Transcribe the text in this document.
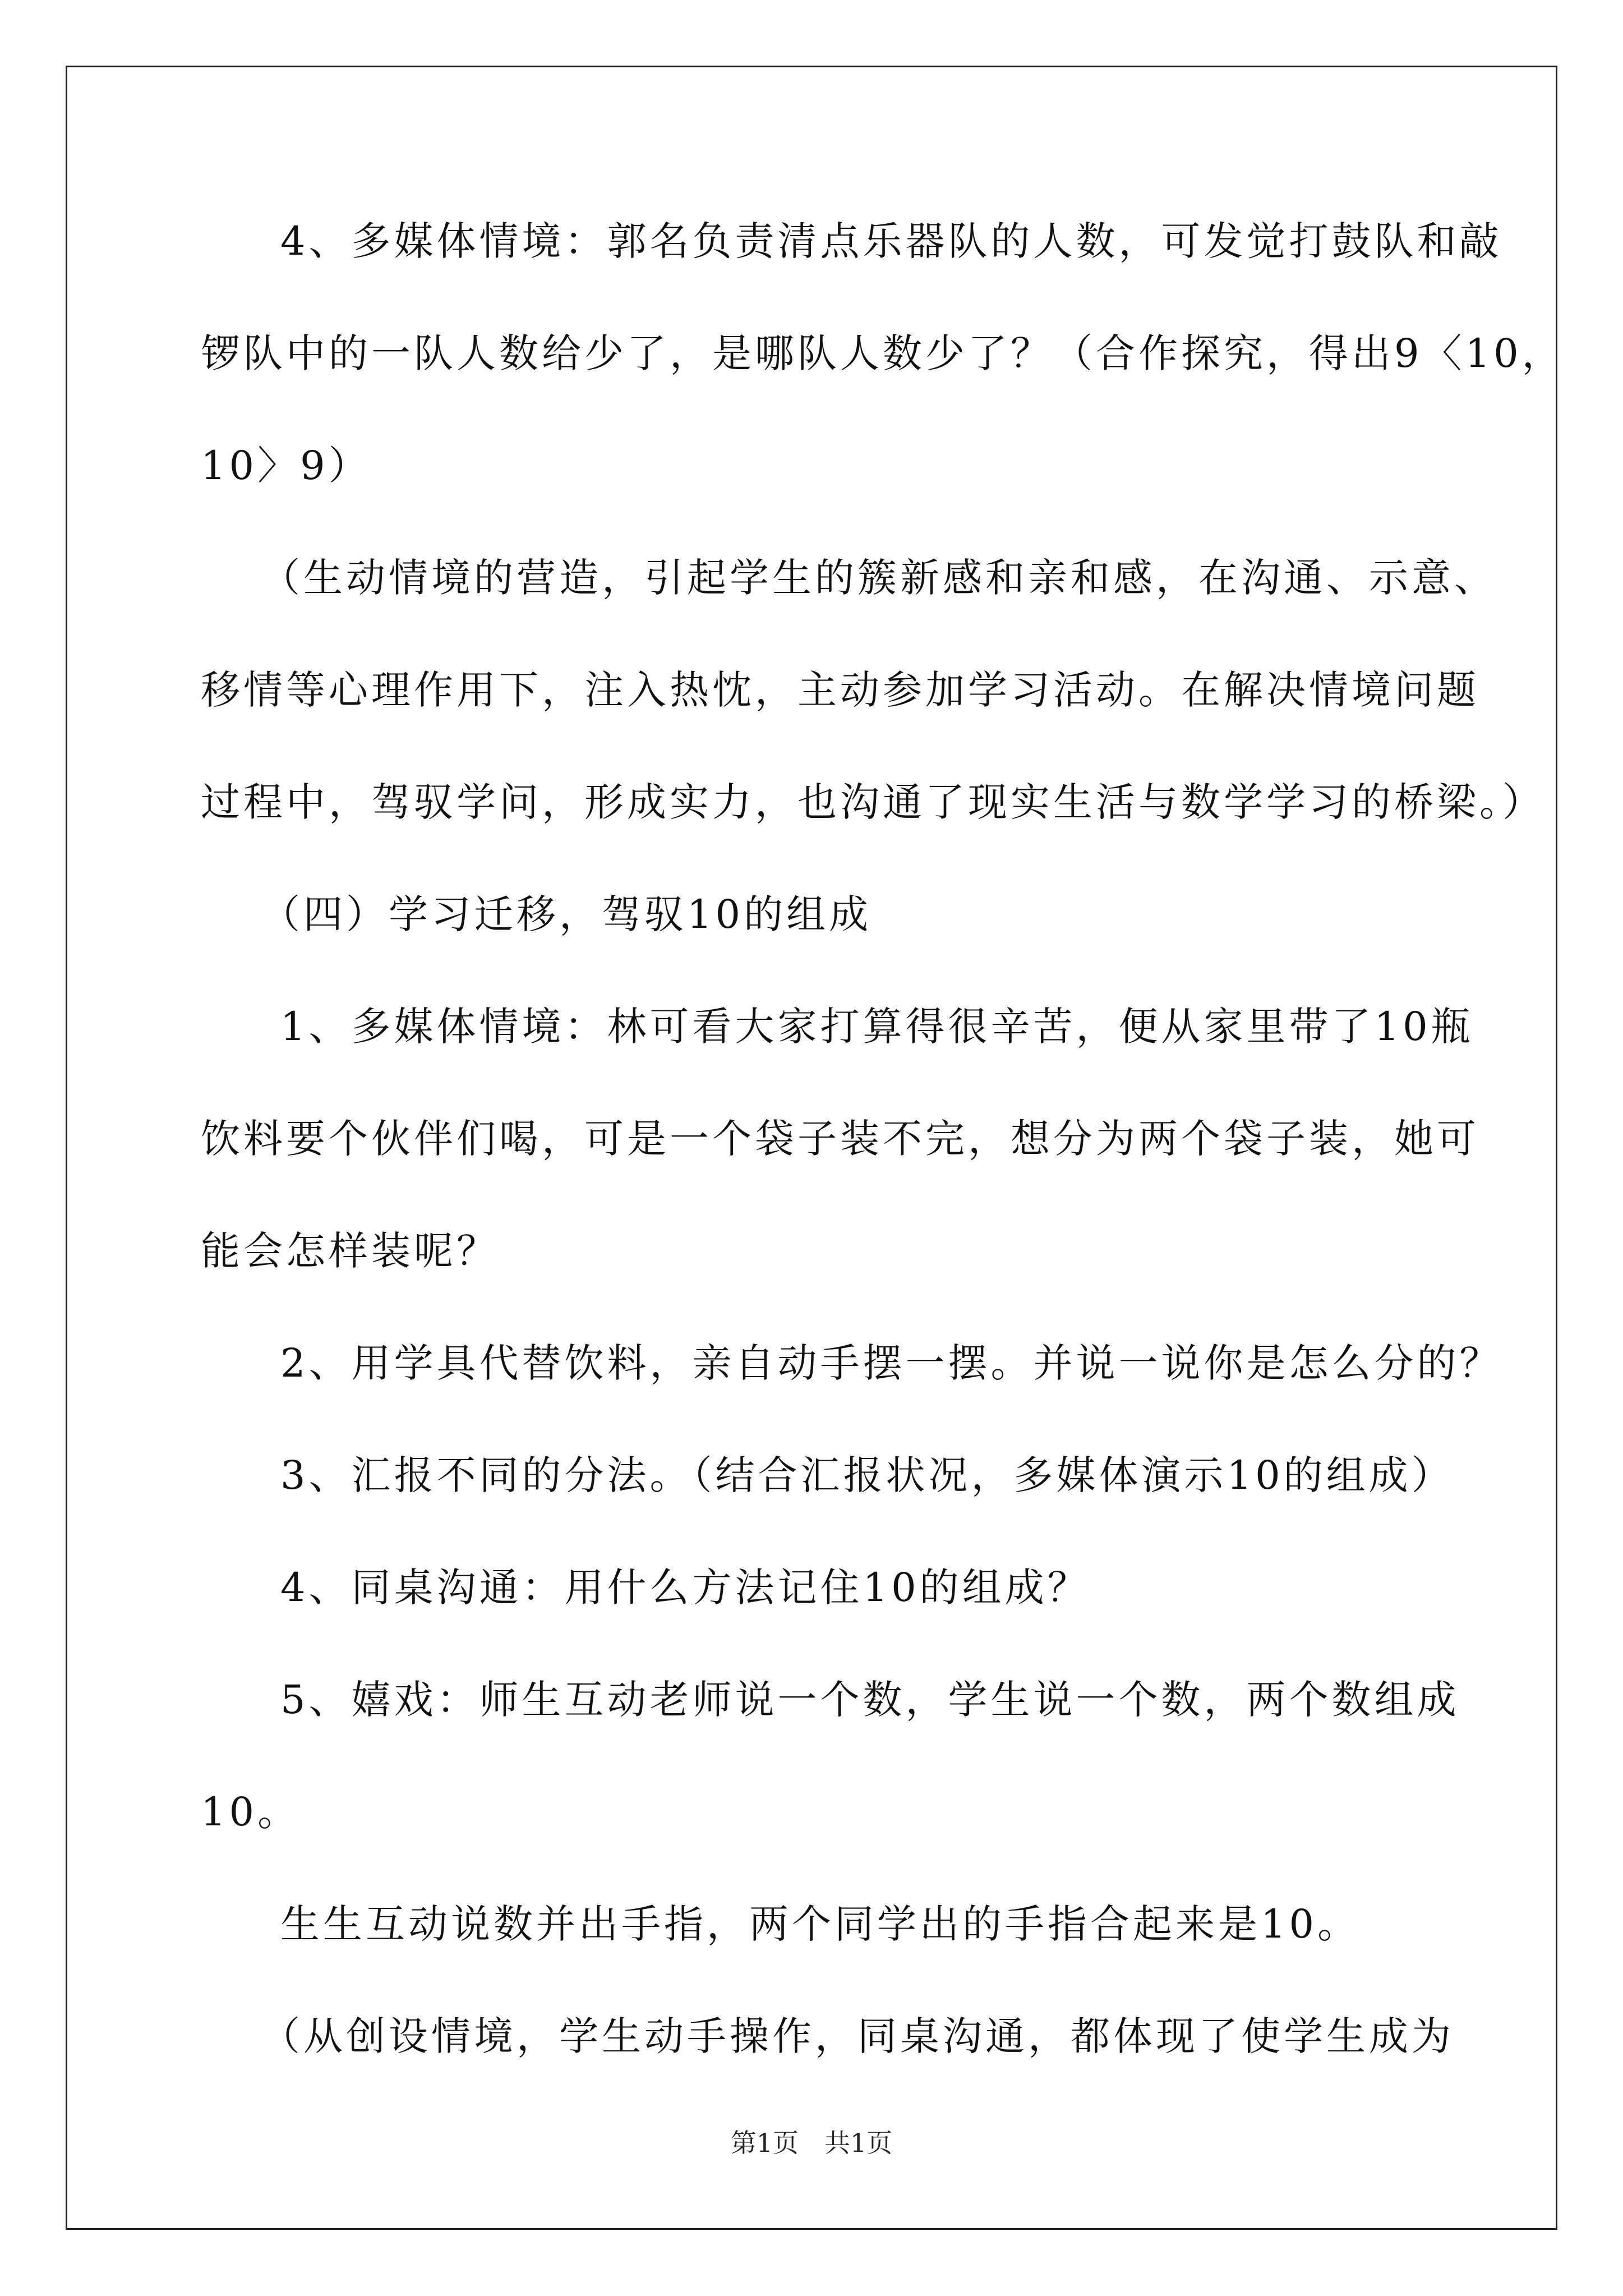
4、多媒体情境：郭名负责清点乐器队的人数，可发觉打鼓队和敲
锣队中的一队人数给少了，是哪队人数少了？（合作探究，得出9〈10，
10〉9）
（生动情境的营造，引起学生的簇新感和亲和感，在沟通、示意、
移情等心理作用下，注入热忱，主动参加学习活动。在解决情境问题
过程中，驾驭学问，形成实力，也沟通了现实生活与数学学习的桥梁。）
（四）学习迁移，驾驭10的组成
1、多媒体情境：林可看大家打算得很辛苦，便从家里带了10瓶
饮料要个伙伴们喝，可是一个袋子装不完，想分为两个袋子装，她可
能会怎样装呢？
2、用学具代替饮料，亲自动手摆一摆。并说一说你是怎么分的？
3、汇报不同的分法。（结合汇报状况，多媒体演示10的组成）
4、同桌沟通：用什么方法记住10的组成？
5、嬉戏：师生互动老师说一个数，学生说一个数，两个数组成
10。
生生互动说数并出手指，两个同学出的手指合起来是10。
（从创设情境，学生动手操作，同桌沟通，都体现了使学生成为
第1页　共1页
